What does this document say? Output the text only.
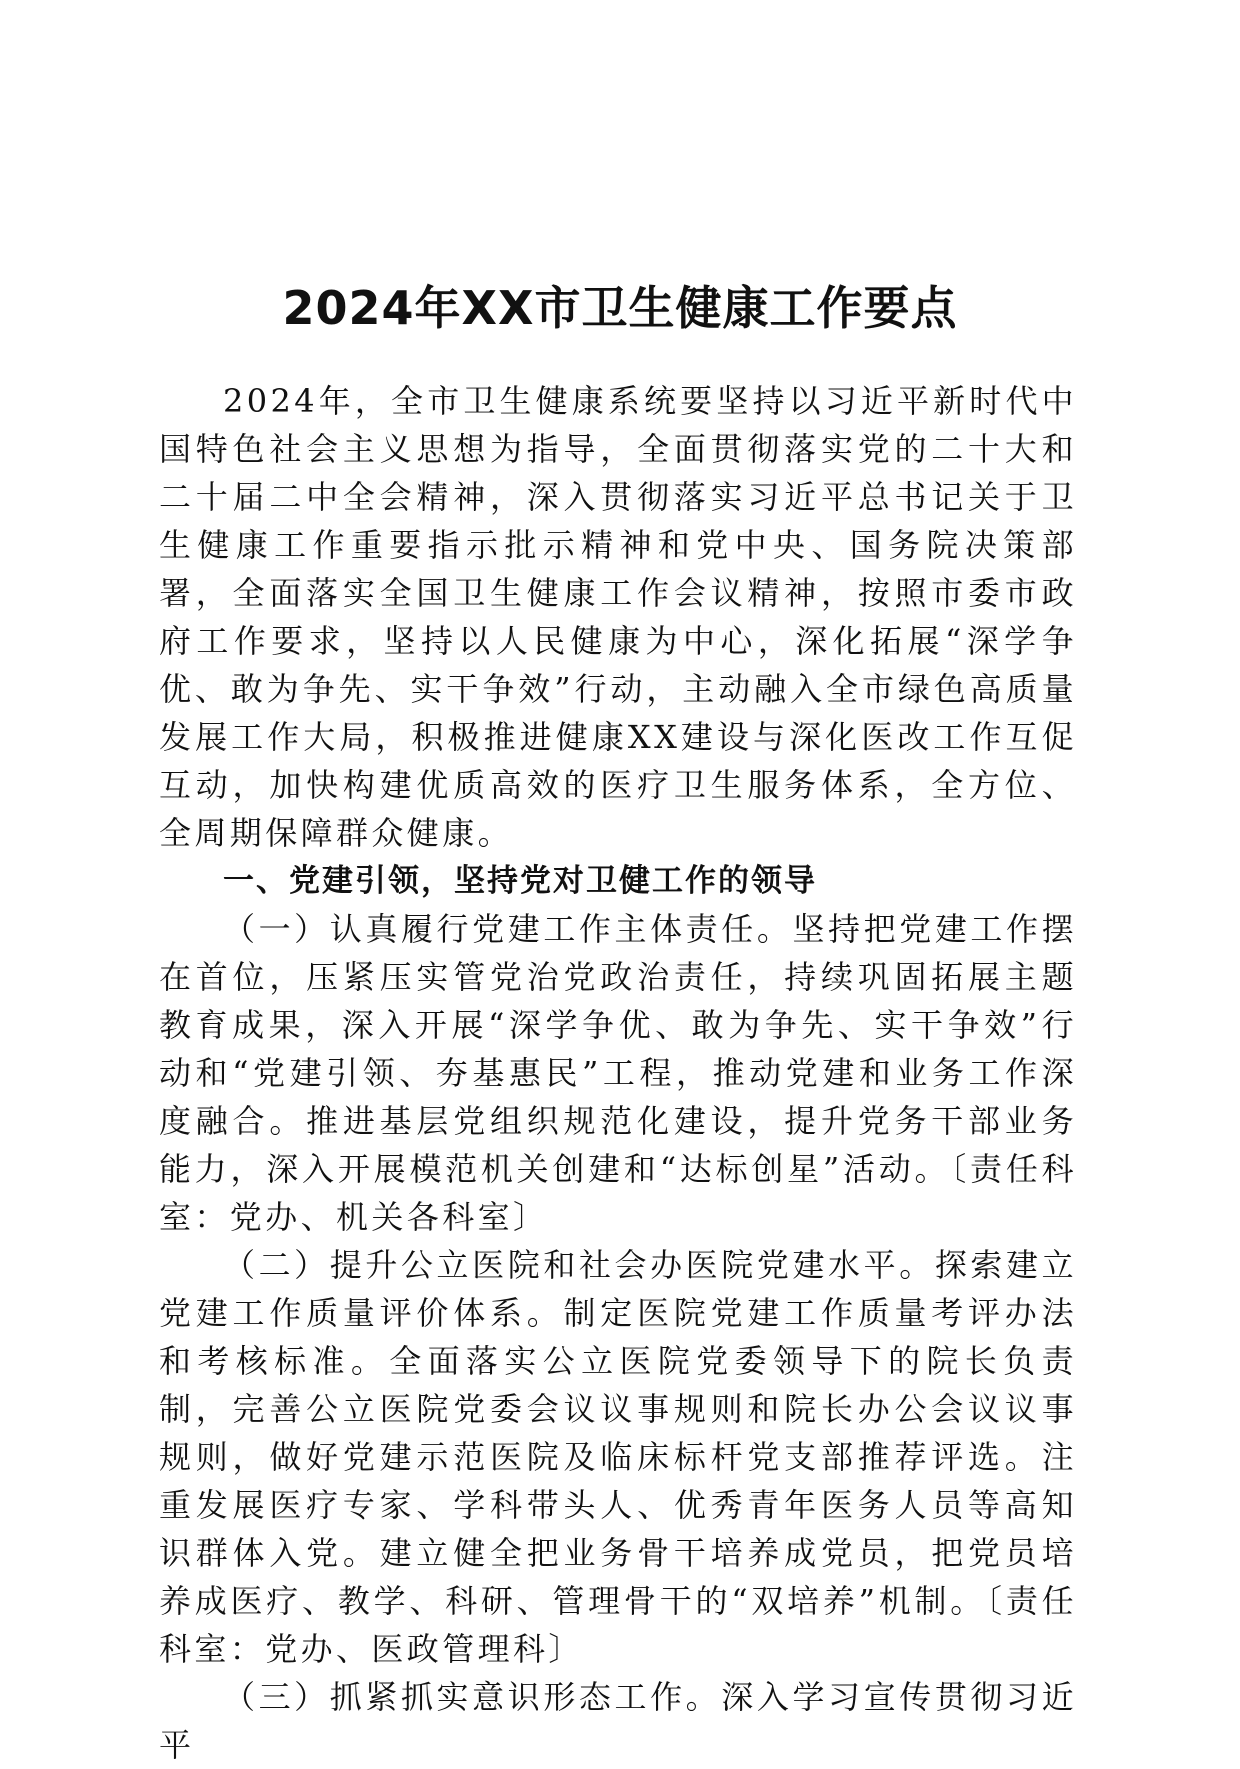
2024年XX市卫生健康工作要点

2024年，全市卫生健康系统要坚持以习近平新时代中国特色社会主义思想为指导，全面贯彻落实党的二十大和二十届二中全会精神，深入贯彻落实习近平总书记关于卫生健康工作重要指示批示精神和党中央、国务院决策部署，全面落实全国卫生健康工作会议精神，按照市委市政府工作要求，坚持以人民健康为中心，深化拓展“深学争优、敢为争先、实干争效”行动，主动融入全市绿色高质量发展工作大局，积极推进健康XX建设与深化医改工作互促互动，加快构建优质高效的医疗卫生服务体系，全方位、全周期保障群众健康。

一、党建引领，坚持党对卫健工作的领导

（一）认真履行党建工作主体责任。坚持把党建工作摆在首位，压紧压实管党治党政治责任，持续巩固拓展主题教育成果，深入开展“深学争优、敢为争先、实干争效”行动和“党建引领、夯基惠民”工程，推动党建和业务工作深度融合。推进基层党组织规范化建设，提升党务干部业务能力，深入开展模范机关创建和“达标创星”活动。〔责任科室：党办、机关各科室〕

（二）提升公立医院和社会办医院党建水平。探索建立党建工作质量评价体系。制定医院党建工作质量考评办法和考核标准。全面落实公立医院党委领导下的院长负责制，完善公立医院党委会议议事规则和院长办公会议议事规则，做好党建示范医院及临床标杆党支部推荐评选。注重发展医疗专家、学科带头人、优秀青年医务人员等高知识群体入党。建立健全把业务骨干培养成党员，把党员培养成医疗、教学、科研、管理骨干的“双培养”机制。〔责任科室：党办、医政管理科〕

（三）抓紧抓实意识形态工作。深入学习宣传贯彻习近平
